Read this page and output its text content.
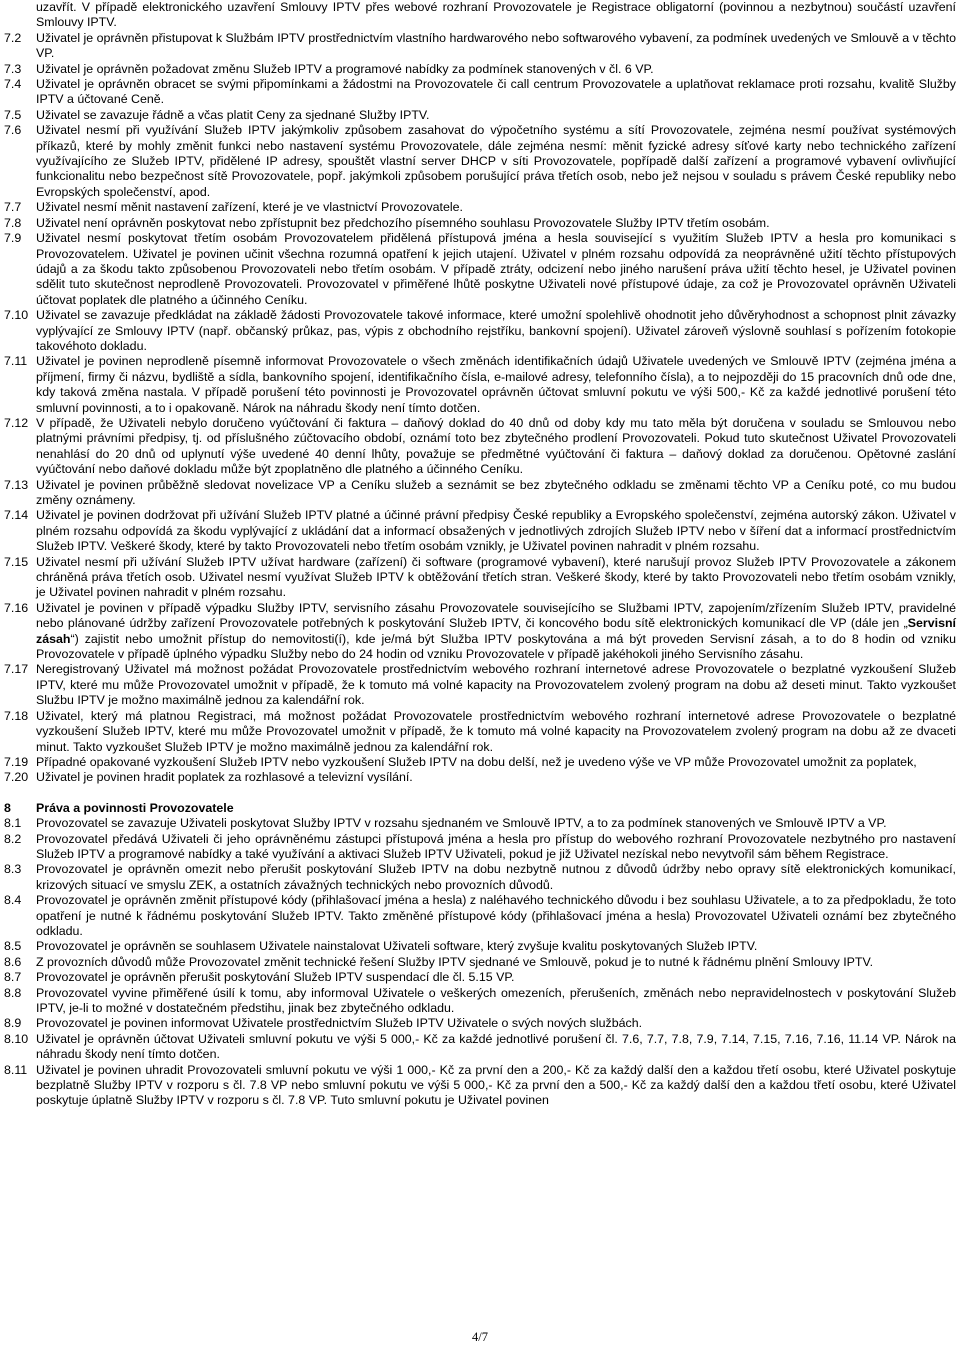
uzavřít. V případě elektronického uzavření Smlouvy IPTV přes webové rozhraní Provozovatele je Registrace obligatorní (povinnou a nezbytnou) součástí uzavření Smlouvy IPTV.
7.2	Uživatel je oprávněn přistupovat k Službám IPTV prostřednictvím vlastního hardwarového nebo softwarového vybavení, za podmínek uvedených ve Smlouvě a v těchto VP.
7.3	Uživatel je oprávněn požadovat změnu Služeb IPTV a programové nabídky za podmínek stanovených v čl. 6 VP.
7.4	Uživatel je oprávněn obracet se svými připomínkami a žádostmi na Provozovatele či call centrum Provozovatele a uplatňovat reklamace proti rozsahu, kvalitě Služby IPTV a účtované Ceně.
7.5	Uživatel se zavazuje řádně a včas platit Ceny za sjednané Služby IPTV.
7.6	Uživatel nesmí při využívání Služeb IPTV jakýmkoliv způsobem zasahovat do výpočetního systému a sítí Provozovatele, zejména nesmí používat systémových příkazů, které by mohly změnit funkci nebo nastavení systému Provozovatele, dále zejména nesmí: měnit fyzické adresy síťové karty nebo technického zařízení využívajícího ze Služeb IPTV, přidělené IP adresy, spouštět vlastní server DHCP v síti Provozovatele, popřípadě další zařízení a programové vybavení ovlivňující funkcionalitu nebo bezpečnost sítě Provozovatele, popř. jakýmkoli způsobem porušující práva třetích osob, nebo jež nejsou v souladu s právem České republiky nebo Evropských společenství, apod.
7.7	Uživatel nesmí měnit nastavení zařízení, které je ve vlastnictví Provozovatele.
7.8	Uživatel není oprávněn poskytovat nebo zpřístupnit bez předchozího písemného souhlasu Provozovatele Služby IPTV třetím osobám.
7.9	Uživatel nesmí poskytovat třetím osobám Provozovatelem přidělená přístupová jména a hesla související s využitím Služeb IPTV a hesla pro komunikaci s Provozovatelem. Uživatel je povinen učinit všechna rozumná opatření k jejich utajení. Uživatel v plném rozsahu odpovídá za neoprávněné užití těchto přístupových údajů a za škodu takto způsobenou Provozovateli nebo třetím osobám. V případě ztráty, odcizení nebo jiného narušení práva užití těchto hesel, je Uživatel povinen sdělit tuto skutečnost neprodleně Provozovateli. Provozovatel v přiměřené lhůtě poskytne Uživateli nové přístupové údaje, za což je Provozovatel oprávněn Uživateli účtovat poplatek dle platného a účinného Ceníku.
7.10 Uživatel se zavazuje předkládat na základě žádosti Provozovatele takové informace, které umožní spolehlivě ohodnotit jeho důvěryhodnost a schopnost plnit závazky vyplývající ze Smlouvy IPTV (např. občanský průkaz, pas, výpis z obchodního rejstříku, bankovní spojení). Uživatel zároveň výslovně souhlasí s pořízením fotokopie takovéhoto dokladu.
7.11 Uživatel je povinen neprodleně písemně informovat Provozovatele o všech změnách identifikačních údajů Uživatele uvedených ve Smlouvě IPTV (zejména jména a příjmení, firmy či názvu, bydliště a sídla, bankovního spojení, identifikačního čísla, e-mailové adresy, telefonního čísla), a to nejpozději do 15 pracovních dnů ode dne, kdy taková změna nastala. V případě porušení této povinnosti je Provozovatel oprávněn účtovat smluvní pokutu ve výši 500,- Kč za každé jednotlivé porušení této smluvní povinnosti, a to i opakovaně. Nárok na náhradu škody není tímto dotčen.
7.12 V případě, že Uživateli nebylo doručeno vyúčtování či faktura – daňový doklad do 40 dnů od doby kdy mu tato měla být doručena v souladu se Smlouvou nebo platnými právními předpisy, tj. od příslušného zúčtovacího období, oznámí toto bez zbytečného prodlení Provozovateli. Pokud tuto skutečnost Uživatel Provozovateli nenahlásí do 20 dnů od uplynutí výše uvedené 40 denní lhůty, považuje se předmětné vyúčtování či faktura – daňový doklad za doručenou. Opětovné zaslání vyúčtování nebo daňové dokladu může být zpoplatněno dle platného a účinného Ceníku.
7.13 Uživatel je povinen průběžně sledovat novelizace VP a Ceníku služeb a seznámit se bez zbytečného odkladu se změnami těchto VP a Ceníku poté, co mu budou změny oznámeny.
7.14 Uživatel je povinen dodržovat při užívání Služeb IPTV platné a účinné právní předpisy České republiky a Evropského společenství, zejména autorský zákon. Uživatel v plném rozsahu odpovídá za škodu vyplývající z ukládání dat a informací obsažených v jednotlivých zdrojích Služeb IPTV nebo v šíření dat a informací prostřednictvím Služeb IPTV. Veškeré škody, které by takto Provozovateli nebo třetím osobám vznikly, je Uživatel povinen nahradit v plném rozsahu.
7.15 Uživatel nesmí při užívání Služeb IPTV užívat hardware (zařízení) či software (programové vybavení), které narušují provoz Služeb IPTV Provozovatele a zákonem chráněná práva třetích osob. Uživatel nesmí využívat Služeb IPTV k obtěžování třetích stran. Veškeré škody, které by takto Provozovateli nebo třetím osobám vznikly, je Uživatel povinen nahradit v plném rozsahu.
7.16 Uživatel je povinen v případě výpadku Služby IPTV, servisního zásahu Provozovatele souvisejícího se Službami IPTV, zapojením/zřízením Služeb IPTV, pravidelné nebo plánované údržby zařízení Provozovatele potřebných k poskytování Služeb IPTV, či koncového bodu sítě elektronických komunikací dle VP (dále jen „Servisní zásah“) zajistit nebo umožnit přístup do nemovitosti(í), kde je/má být Služba IPTV poskytována a má být proveden Servisní zásah, a to do 8 hodin od vzniku Provozovatele v případě úplného výpadku Služby nebo do 24 hodin od vzniku Provozovatele v případě jakéhokoli jiného Servisního zásahu.
7.17 Neregistrovaný Uživatel má možnost požádat Provozovatele prostřednictvím webového rozhraní internetové adrese Provozovatele o bezplatné vyzkoušení Služeb IPTV, které mu může Provozovatel umožnit v případě, že k tomuto má volné kapacity na Provozovatelem zvolený program na dobu až deseti minut. Takto vyzkoušet Službu IPTV je možno maximálně jednou za kalendářní rok.
7.18 Uživatel, který má platnou Registraci, má možnost požádat Provozovatele prostřednictvím webového rozhraní internetové adrese Provozovatele o bezplatné vyzkoušení Služeb IPTV, které mu může Provozovatel umožnit v případě, že k tomuto má volné kapacity na Provozovatelem zvolený program na dobu až ze dvaceti minut. Takto vyzkoušet Služeb IPTV je možno maximálně jednou za kalendářní rok.
7.19 Případné opakované vyzkoušení Služeb IPTV nebo vyzkoušení Služeb IPTV na dobu delší, než je uvedeno výše ve VP může Provozovatel umožnit za poplatek,
7.20 Uživatel je povinen hradit poplatek za rozhlasové a televizní vysílání.
8	Práva a povinnosti Provozovatele
8.1	Provozovatel se zavazuje Uživateli poskytovat Služby IPTV v rozsahu sjednaném ve Smlouvě IPTV, a to za podmínek stanovených ve Smlouvě IPTV a VP.
8.2	Provozovatel předává Uživateli či jeho oprávněnému zástupci přístupová jména a hesla pro přístup do webového rozhraní Provozovatele nezbytného pro nastavení Služeb IPTV a programové nabídky a také využívání a aktivaci Služeb IPTV Uživateli, pokud je již Uživatel nezískal nebo nevytvořil sám během Registrace.
8.3	Provozovatel je oprávněn omezit nebo přerušit poskytování Služeb IPTV na dobu nezbytně nutnou z důvodů údržby nebo opravy sítě elektronických komunikací, krizových situací ve smyslu ZEK, a ostatních závažných technických nebo provozních důvodů.
8.4	Provozovatel je oprávněn změnit přístupové kódy (přihlašovací jména a hesla) z naléhavého technického důvodu i bez souhlasu Uživatele, a to za předpokladu, že toto opatření je nutné k řádnému poskytování Služeb IPTV. Takto změněné přístupové kódy (přihlašovací jména a hesla) Provozovatel Uživateli oznámí bez zbytečného odkladu.
8.5	Provozovatel je oprávněn se souhlasem Uživatele nainstalovat Uživateli software, který zvyšuje kvalitu poskytovaných Služeb IPTV.
8.6	Z provozních důvodů může Provozovatel změnit technické řešení Služby IPTV sjednané ve Smlouvě, pokud je to nutné k řádnému plnění Smlouvy IPTV.
8.7	Provozovatel je oprávněn přerušit poskytování Služeb IPTV suspendací dle čl. 5.15 VP.
8.8	Provozovatel vyvine přiměřené úsilí k tomu, aby informoval Uživatele o veškerých omezeních, přerušeních, změnách nebo nepravidelnostech v poskytování Služeb IPTV, je-li to možné v dostatečném předstihu, jinak bez zbytečného odkladu.
8.9	Provozovatel je povinen informovat Uživatele prostřednictvím Služeb IPTV Uživatele o svých nových službách.
8.10 Uživatel je oprávněn účtovat Uživateli smluvní pokutu ve výši 5 000,- Kč za každé jednotlivé porušení čl. 7.6, 7.7, 7.8, 7.9, 7.14, 7.15, 7.16, 7.16, 11.14 VP. Nárok na náhradu škody není tímto dotčen.
8.11 Uživatel je povinen uhradit Provozovateli smluvní pokutu ve výši 1 000,- Kč za první den a 200,- Kč za každý další den a každou třetí osobu, které Uživatel poskytuje bezplatně Služby IPTV v rozporu s čl. 7.8 VP nebo smluvní pokutu ve výši 5 000,- Kč za první den a 500,- Kč za každý další den a každou třetí osobu, které Uživatel poskytuje úplatně Služby IPTV v rozporu s čl. 7.8 VP. Tuto smluvní pokutu je Uživatel povinen
4/7
